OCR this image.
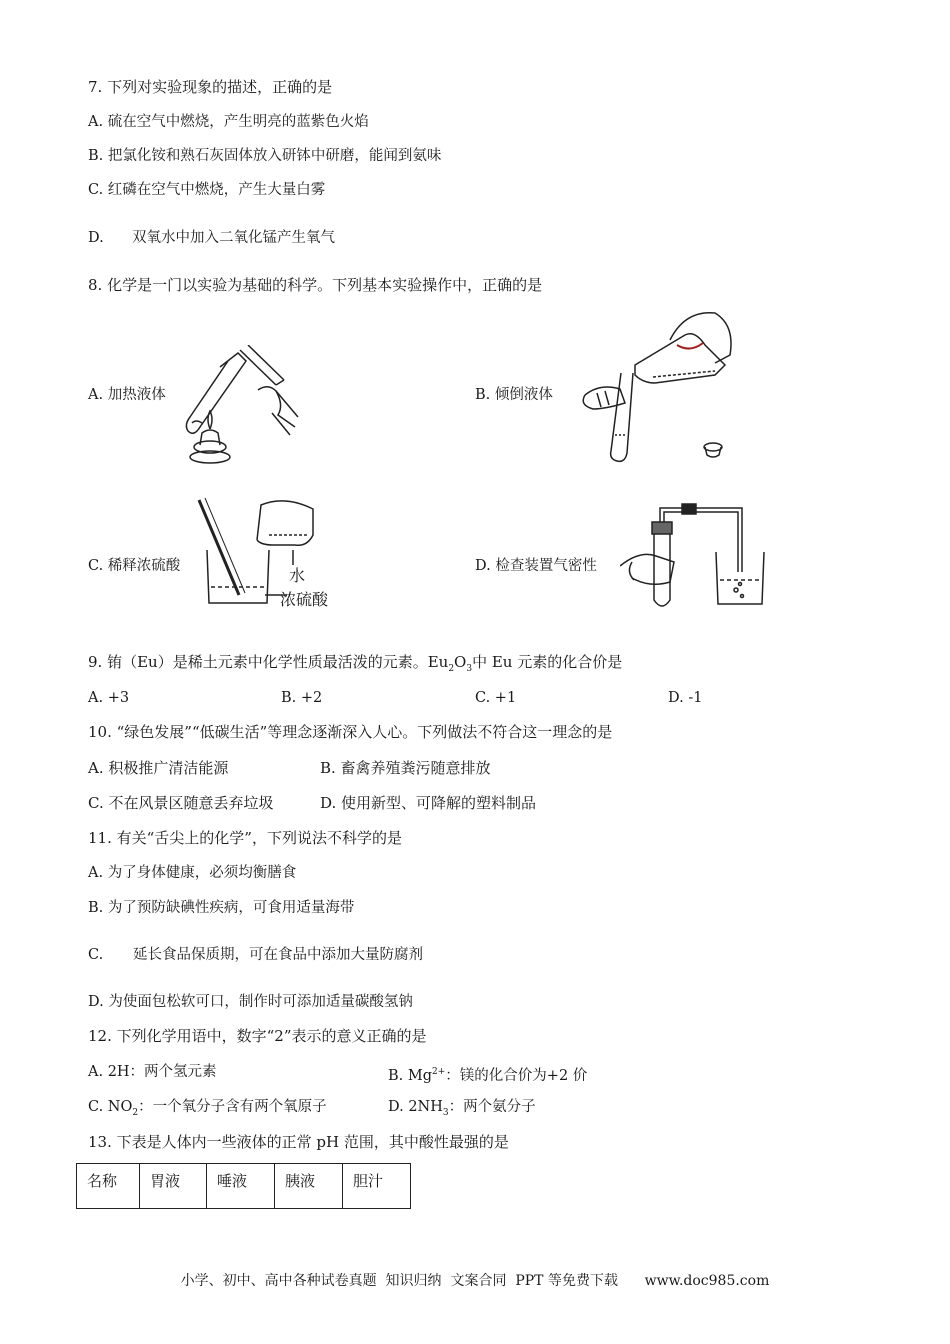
7. 下列对实验现象的描述，正确的是
A. 硫在空气中燃烧，产生明亮的蓝紫色火焰
B. 把氯化铵和熟石灰固体放入研钵中研磨，能闻到氨味
C. 红磷在空气中燃烧，产生大量白雾
D. 双氧水中加入二氧化锰产生氧气
8. 化学是一门以实验为基础的科学。下列基本实验操作中，正确的是
A. 加热液体	B. 倾倒液体
C. 稀释浓硫酸	D. 检查装置气密性
水
浓硫酸
9. 铕（Eu）是稀土元素中化学性质最活泼的元素。$Eu_2O_3$中 Eu 元素的化合价是
A. +3	B. +2	C. +1	D. -1
10. “绿色发展”“低碳生活”等理念逐渐深入人心。下列做法不符合这一理念的是
A. 积极推广清洁能源	B. 畜禽养殖粪污随意排放
C. 不在风景区随意丢弃垃圾	D. 使用新型、可降解的塑料制品
11. 有关“舌尖上的化学”，下列说法不科学的是
A. 为了身体健康，必须均衡膳食
B. 为了预防缺碘性疾病，可食用适量海带
C. 延长食品保质期，可在食品中添加大量防腐剂
D. 为使面包松软可口，制作时可添加适量碳酸氢钠
12. 下列化学用语中，数字“2”表示的意义正确的是
A. 2H：两个氢元素	B. $Mg^{2+}$：镁的化合价为+2 价
C. $NO_2$：一个氧分子含有两个氧原子	D. $2NH_3$：两个氨分子
13. 下表是人体内一些液体的正常 pH 范围，其中酸性最强的是
名称	胃液	唾液	胰液	胆汁
小学、初中、高中各种试卷真题  知识归纳  文案合同  PPT 等免费下载      www.doc985.com
